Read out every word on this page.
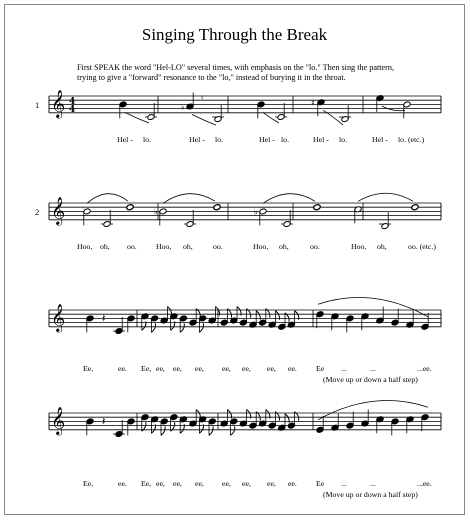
Singing Through the Break
First SPEAK the word "Hel-LO" several times, with emphasis on the "lo." Then sing the pattern,
trying to give a "forward" resonance to the "lo," instead of burying it in the throat.
1
2
𝄞 4
4	♭	♯
♮
𝄞	♭	♭
𝄞	𝄽
𝄞	𝄽
Hel - lo.	Hel - lo.	Hel - lo.	Hel - lo.	Hel - lo. (etc.)
Hoo, oh, oo. Hoo, oh,	oo.	Hoo, oh,	oo.	Hoo, oh,	oo. (etc.)
Ee,	ee. Ee, ee, ee, ee, ee, ee, ee, ee. Ee ...	...	...ee.
(Move up or down a half step)
Ee,	ee. Ee, ee, ee, ee, ee, ee, ee, ee. Ee ...	...	...ee.
(Move up or down a half step)
